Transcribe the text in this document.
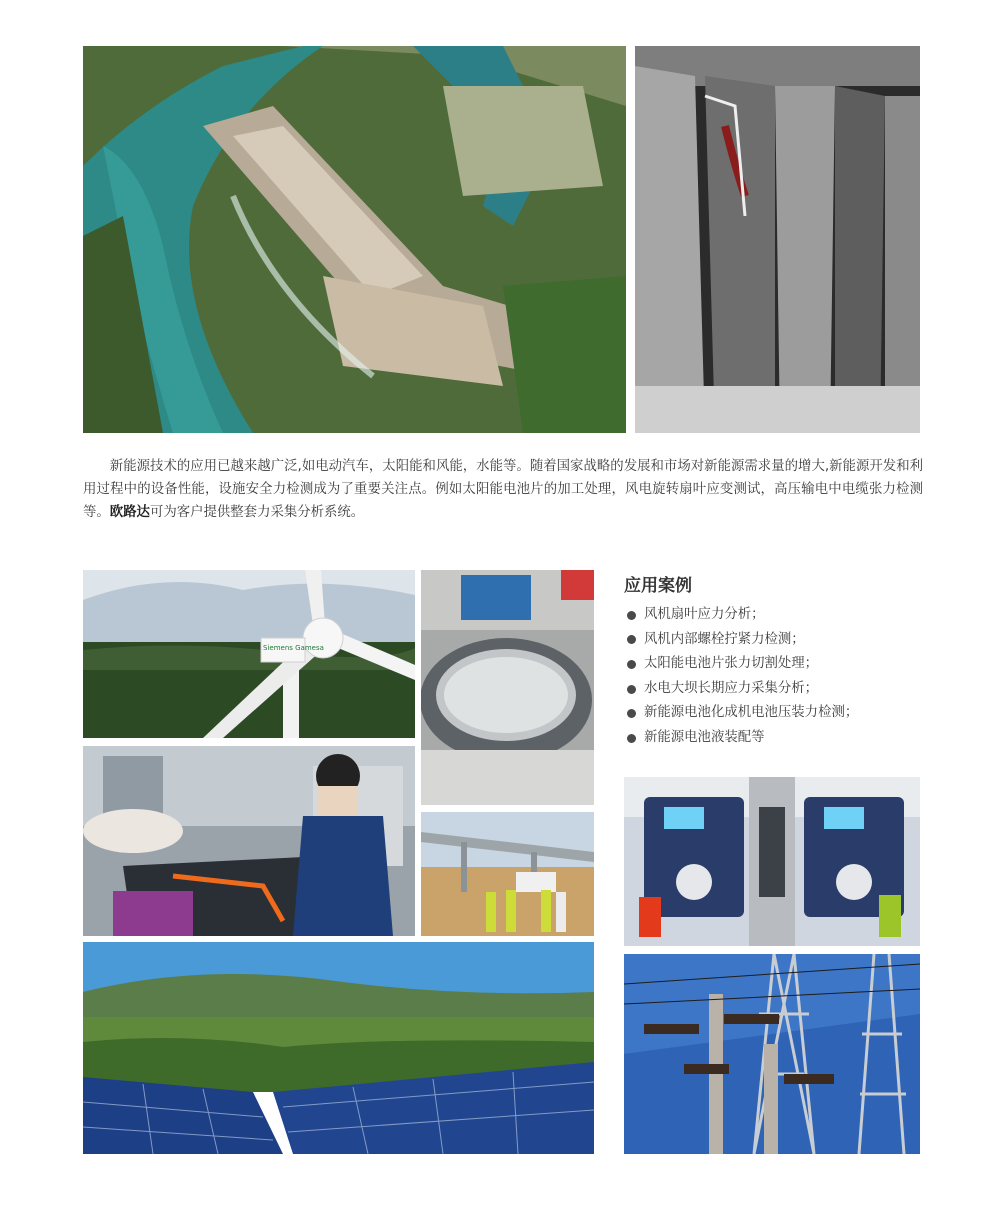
新能源技术的应用已越来越广泛,如电动汽车，太阳能和风能，水能等。随着国家战略的发展和市场对新能源需求量的增大,新能源开发和利用过程中的设备性能，设施安全力检测成为了重要关注点。例如太阳能电池片的加工处理，风电旋转扇叶应变测试，高压输电中电缆张力检测等。欧路达可为客户提供整套力采集分析系统。

Siemens Gamesa
应用案例
风机扇叶应力分析；
风机内部螺栓拧紧力检测；
太阳能电池片张力切割处理；
水电大坝长期应力采集分析；
新能源电池化成机电池压装力检测；
新能源电池液装配等
